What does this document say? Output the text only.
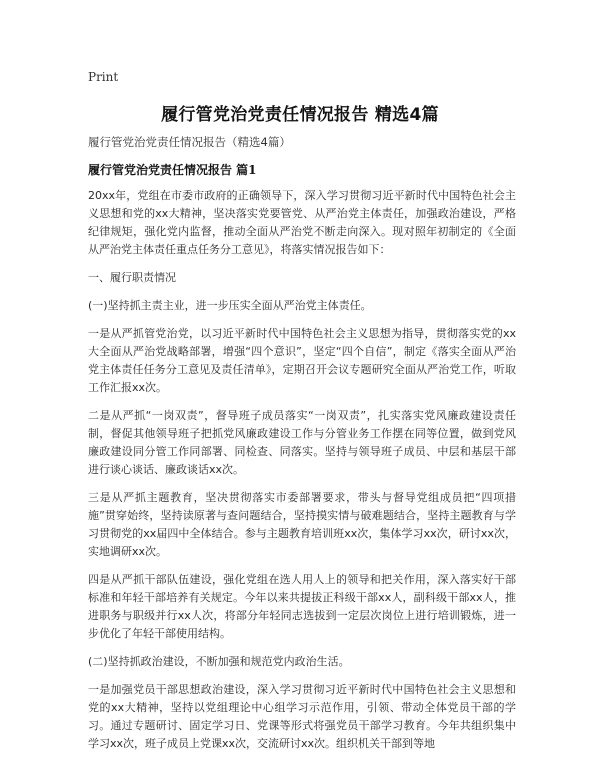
Print
履行管党治党责任情况报告 精选4篇
履行管党治党责任情况报告（精选4篇）
履行管党治党责任情况报告 篇1

20xx年，党组在市委市政府的正确领导下，深入学习贯彻习近平新时代中国特色社会主义思想和党的xx大精神，坚决落实党要管党、从严治党主体责任，加强政治建设，严格纪律规矩，强化党内监督，推动全面从严治党不断走向深入。现对照年初制定的《全面从严治党主体责任重点任务分工意见》，将落实情况报告如下：

一、履行职责情况

(一)坚持抓主责主业，进一步压实全面从严治党主体责任。

一是从严抓管党治党，以习近平新时代中国特色社会主义思想为指导，贯彻落实党的xx大全面从严治党战略部署，增强“四个意识”，坚定“四个自信”，制定《落实全面从严治党主体责任任务分工意见及责任清单》，定期召开会议专题研究全面从严治党工作，听取工作汇报xx次。

二是从严抓“一岗双责”，督导班子成员落实“一岗双责”，扎实落实党风廉政建设责任制，督促其他领导班子把抓党风廉政建设工作与分管业务工作摆在同等位置，做到党风廉政建设同分管工作同部署、同检查、同落实。坚持与领导班子成员、中层和基层干部进行谈心谈话、廉政谈话xx次。

三是从严抓主题教育，坚决贯彻落实市委部署要求，带头与督导党组成员把“四项措施”贯穿始终，坚持读原著与查问题结合，坚持摸实情与破难题结合，坚持主题教育与学习贯彻党的xx届四中全体结合。参与主题教育培训班xx次，集体学习xx次，研讨xx次，实地调研xx次。

四是从严抓干部队伍建设，强化党组在选人用人上的领导和把关作用，深入落实好干部标准和年轻干部培养有关规定。今年以来共提拔正科级干部xx人，副科级干部xx人，推进职务与职级并行xx人次，将部分年轻同志选拔到一定层次岗位上进行培训锻炼，进一步优化了年轻干部使用结构。

(二)坚持抓政治建设，不断加强和规范党内政治生活。

一是加强党员干部思想政治建设，深入学习贯彻习近平新时代中国特色社会主义思想和党的xx大精神，坚持以党组理论中心组学习示范作用，引领、带动全体党员干部的学习。通过专题研讨、固定学习日、党课等形式将强党员干部学习教育。今年共组织集中学习xx次，班子成员上党课xx次，交流研讨xx次。组织机关干部到等地
